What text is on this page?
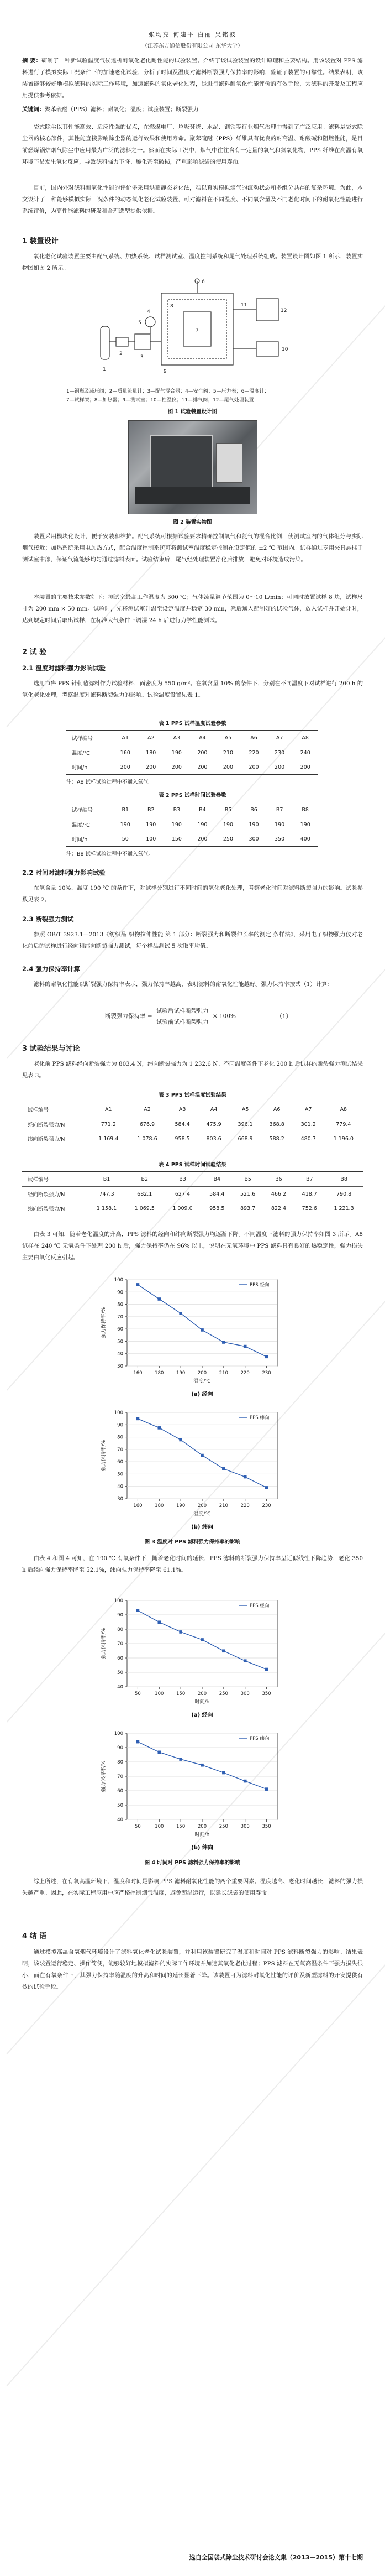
张均亮 何建平 白丽 吴铭波
（江苏东方通信股份有限公司 东华大学）

摘 要：研制了一种新试验温度气候透析耐氧化老化耐性能的试验装置。介绍了该试验装置的设计原理和主要结构。用该装置对 PPS 滤料进行了模拟实际工况条件下的加速老化试验，分析了时间及温度对滤料断裂强力保持率的影响，验证了装置的可靠性。结果表明，该装置能够较好地模拟滤料的实际工作环境，加速滤料的氧化老化过程，是进行滤料耐氧化性能评价的有效手段，为滤料的开发及工程应用提供参考依据。

关键词：聚苯硫醚（PPS）滤料；耐氧化；温度；试验装置；断裂强力

袋式除尘以其性能高效、适应性强的优点，在燃煤电厂、垃圾焚烧、水泥、钢铁等行业烟气治理中得到了广泛应用。滤料是袋式除尘器的核心部件，其性能直接影响除尘器的运行效果和使用寿命。聚苯硫醚（PPS）纤维具有优良的耐高温、耐酸碱和阻燃性能，是目前燃煤锅炉烟气除尘中应用最为广泛的滤料之一。然而在实际工况中，烟气中往往含有一定量的氧气和氮氧化物，PPS 纤维在高温有氧环境下易发生氧化反应，导致滤料强力下降、脆化甚至破损，严重影响滤袋的使用寿命。

目前，国内外对滤料耐氧化性能的评价多采用烘箱静态老化法，难以真实模拟烟气的流动状态和多组分共存的复杂环境。为此，本文设计了一种能够模拟实际工况条件的动态氧化老化试验装置，可对滤料在不同温度、不同氧含量及不同老化时间下的耐氧化性能进行系统评价，为高性能滤料的研发和合理选型提供依据。

1 装置设计

氧化老化试验装置主要由配气系统、加热系统、试样测试室、温度控制系统和尾气处理系统组成。装置设计图如图 1 所示，装置实物图如图 2 所示。

1
2
3
4
5
6
7
8
9
10
11
12
1—钢瓶及减压阀；2—质量流量计；3—配气混合器；4—安全阀；5—压力表；6—温度计；
7—试样架；8—加热器；9—测试室；10—控温仪；11—排气阀；12—尾气处理装置
图 1 试验装置设计图
图 2 装置实物图

装置采用模块化设计，便于安装和维护。配气系统可根据试验要求精确控制氧气和氮气的混合比例，使测试室内的气体组分与实际烟气接近；加热系统采用电加热方式，配合温度控制系统可将测试室温度稳定控制在设定值的 ±2 ℃ 范围内。试样通过专用夹具悬挂于测试室中部，保证气流能够均匀通过滤料表面。试验结束后，尾气经处理装置净化后排放，避免对环境造成污染。

本装置的主要技术参数如下：测试室最高工作温度为 300 ℃；气体流量调节范围为 0～10 L/min；可同时放置试样 8 块，试样尺寸为 200 mm × 50 mm。试验时，先将测试室升温至设定温度并稳定 30 min，然后通入配制好的试验气体，放入试样并开始计时，达到规定时间后取出试样，在标准大气条件下调湿 24 h 后进行力学性能测试。

2 试 验
2.1 温度对滤料强力影响试验

选用市售 PPS 针刺毡滤料作为试验材料，面密度为 550 g/m²。在氧含量 10% 的条件下，分别在不同温度下对试样进行 200 h 的氧化老化处理，考察温度对滤料断裂强力的影响。试验温度设置见表 1。

表 1 PPS 试样温度试验参数
试样编号	A1	A2	A3	A4	A5	A6	A7	A8
温度/℃	160	180	190	200	210	220	230	240
时间/h	200	200	200	200	200	200	200	200
注：A8 试样试验过程中不通入氧气。
表 2 PPS 试样时间试验参数
试样编号	B1	B2	B3	B4	B5	B6	B7	B8
温度/℃	190	190	190	190	190	190	190	190
时间/h	50	100	150	200	250	300	350	400
注：B8 试样试验过程中不通入氧气。
2.2 时间对滤料强力影响试验

在氧含量 10%、温度 190 ℃ 的条件下，对试样分别进行不同时间的氧化老化处理，考察老化时间对滤料断裂强力的影响。试验参数见表 2。

2.3 断裂强力测试

参照 GB/T 3923.1—2013《纺织品 织物拉伸性能 第 1 部分：断裂强力和断裂伸长率的测定 条样法》，采用电子织物强力仪对老化前后的试样进行经向和纬向断裂强力测试，每个样品测试 5 次取平均值。

2.4 强力保持率计算

滤料的耐氧化性能以断裂强力保持率表示，强力保持率越高，表明滤料的耐氧化性能越好。强力保持率按式（1）计算：

断裂强力保持率 = $\frac{\text{试验后试样断裂强力}}{\text{试验前试样断裂强力}} \times 100\%$	（1）
3 试验结果与讨论

老化前 PPS 滤料经向断裂强力为 803.4 N，纬向断裂强力为 1 232.6 N。不同温度条件下老化 200 h 后试样的断裂强力测试结果见表 3。

表 3 PPS 试样温度试验结果
试样编号	A1	A2	A3	A4	A5	A6	A7	A8
经向断裂强力/N	771.2	676.9	584.4	475.9	396.1	368.8	301.2	779.4
纬向断裂强力/N	1 169.4	1 078.6	958.5	803.6	668.9	588.2	480.7	1 196.0
表 4 PPS 试样时间试验结果
试样编号	B1	B2	B3	B4	B5	B6	B7	B8
经向断裂强力/N	747.3	682.1	627.4	584.4	521.6	466.2	418.7	790.8
纬向断裂强力/N	1 158.1	1 069.5	1 009.0	958.5	893.7	822.4	752.6	1 221.3

由表 3 可知，随着老化温度的升高，PPS 滤料的经向和纬向断裂强力均逐渐下降。不同温度下滤料的强力保持率如图 3 所示。A8 试样在 240 ℃ 无氧条件下处理 200 h 后，强力保持率仍在 96% 以上，说明在无氧环境中 PPS 滤料具有良好的热稳定性，强力损失主要由氧化反应引起。

30
40
50
60
70
80
90
100
160	180	190	200	210	220	230
温度/℃
强力保持率/%
(a) 经向
PPS 经向
30
40
50
60
70
80
90
100
160	180	190	200	210	220	230
温度/℃
强力保持率/%
(b) 纬向
PPS 纬向
图 3 温度对 PPS 滤料强力保持率的影响

由表 4 和图 4 可知，在 190 ℃ 有氧条件下，随着老化时间的延长，PPS 滤料的断裂强力保持率呈近似线性下降趋势，老化 350 h 后经向强力保持率降至 52.1%，纬向强力保持率降至 61.1%。

40
50
60
70
80
90
100
50	100	150	200	250	300	350
时间/h
强力保持率/%
(a) 经向
PPS 经向
40
50
60
70
80
90
100
50	100	150	200	250	300	350
时间/h
强力保持率/%
(b) 纬向
PPS 纬向
图 4 时间对 PPS 滤料强力保持率的影响

综上所述，在有氧高温环境下，温度和时间是影响 PPS 滤料耐氧化性能的两个重要因素。温度越高、老化时间越长，滤料的强力损失越严重。因此，在实际工程应用中应严格控制烟气温度，避免超温运行，以延长滤袋的使用寿命。

4 结 语

通过模拟高温含氧烟气环境设计了滤料氧化老化试验装置，并利用该装置研究了温度和时间对 PPS 滤料断裂强力的影响。结果表明，该装置运行稳定、操作简便，能够较好地模拟滤料的实际工作环境并加速其氧化老化过程；PPS 滤料在无氧高温条件下强力损失很小，而在有氧条件下，其强力保持率随温度的升高和时间的延长显著下降。该装置可为滤料耐氧化性能的评价及新型滤料的开发提供有效的试验手段。

选自全国袋式除尘技术研讨会论文集（2013—2015）第十七期
